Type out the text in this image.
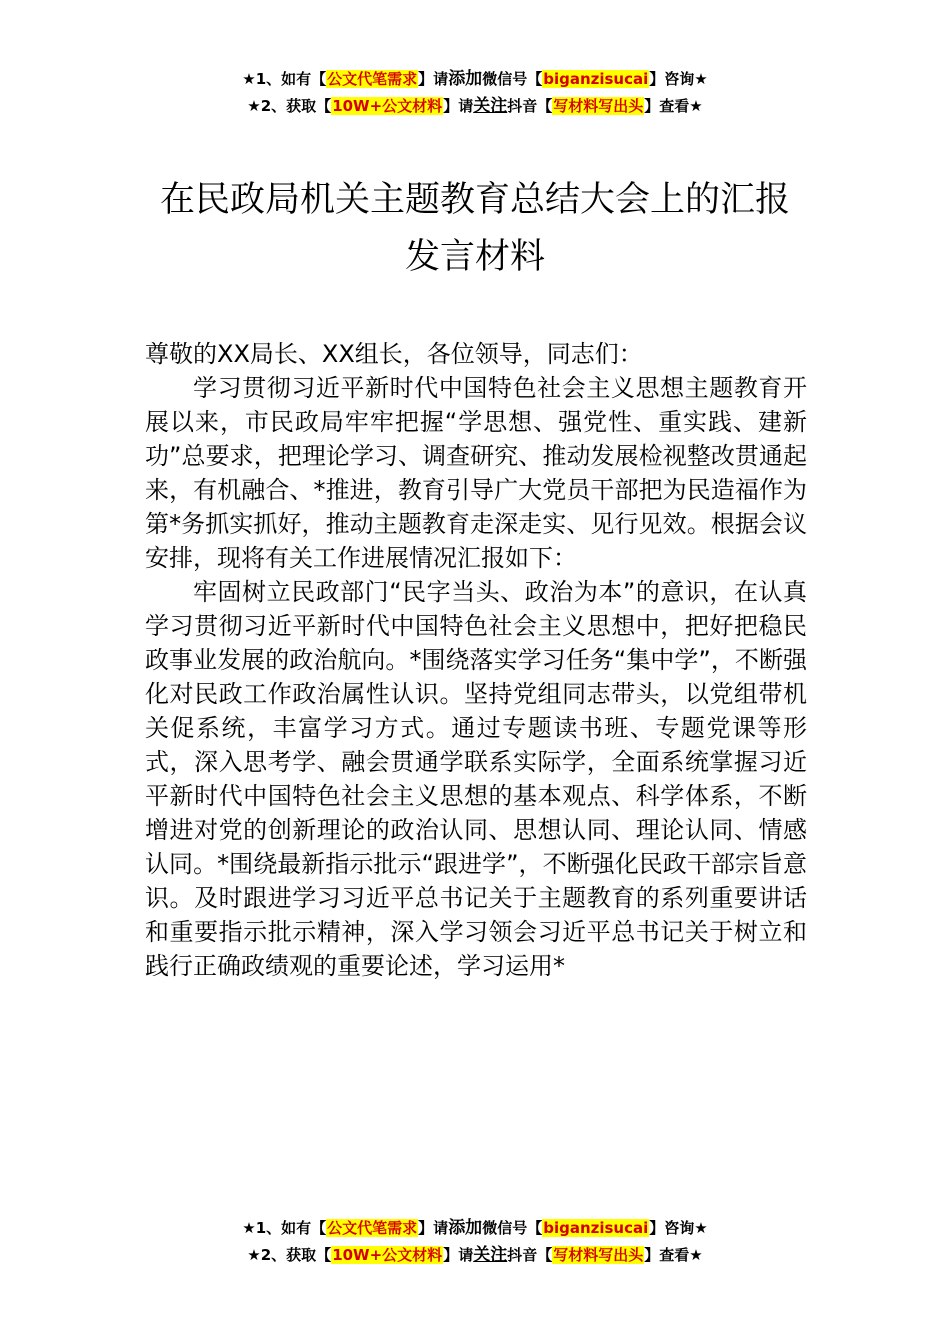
★1、如有【公文代笔需求】请添加微信号【biganzisucai】咨询★
★2、获取【10W+公文材料】请关注抖音【写材料写出头】查看★
在民政局机关主题教育总结大会上的汇报
发言材料

尊敬的XX局长、XX组长，各位领导，同志们：

学习贯彻习近平新时代中国特色社会主义思想主题教育开展以来，市民政局牢牢把握“学思想、强党性、重实践、建新功”总要求，把理论学习、调查研究、推动发展检视整改贯通起来，有机融合、*推进，教育引导广大党员干部把为民造福作为第*务抓实抓好，推动主题教育走深走实、见行见效。根据会议安排，现将有关工作进展情况汇报如下：

牢固树立民政部门“民字当头、政治为本”的意识，在认真学习贯彻习近平新时代中国特色社会主义思想中，把好把稳民政事业发展的政治航向。*围绕落实学习任务“集中学”，不断强化对民政工作政治属性认识。坚持党组同志带头，以党组带机关促系统，丰富学习方式。通过专题读书班、专题党课等形式，深入思考学、融会贯通学联系实际学，全面系统掌握习近平新时代中国特色社会主义思想的基本观点、科学体系，不断增进对党的创新理论的政治认同、思想认同、理论认同、情感认同。*围绕最新指示批示“跟进学”，不断强化民政干部宗旨意识。及时跟进学习习近平总书记关于主题教育的系列重要讲话和重要指示批示精神，深入学习领会习近平总书记关于树立和践行正确政绩观的重要论述，学习运用*

★1、如有【公文代笔需求】请添加微信号【biganzisucai】咨询★
★2、获取【10W+公文材料】请关注抖音【写材料写出头】查看★
